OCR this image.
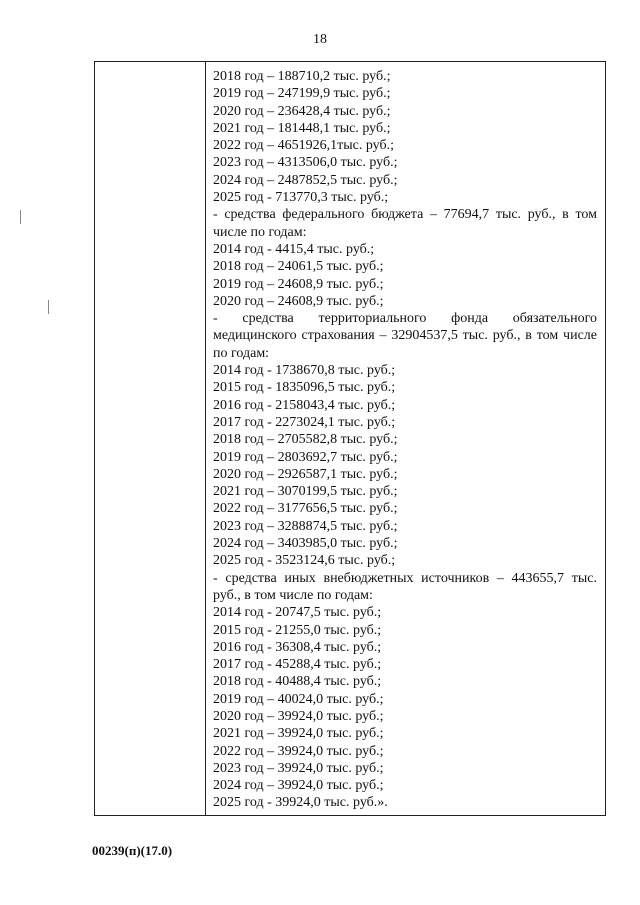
18
2018 год – 188710,2 тыс. руб.;
2019 год – 247199,9 тыс. руб.;
2020 год – 236428,4 тыс. руб.;
2021 год – 181448,1 тыс. руб.;
2022 год – 4651926,1тыс. руб.;
2023 год – 4313506,0 тыс. руб.;
2024 год – 2487852,5 тыс. руб.;
2025 год - 713770,3 тыс. руб.;
- средства федерального бюджета – 77694,7 тыс. руб., в том числе по годам:
2014 год - 4415,4 тыс. руб.;
2018 год – 24061,5 тыс. руб.;
2019 год – 24608,9 тыс. руб.;
2020 год – 24608,9 тыс. руб.;
- средства территориального фонда обязательного медицинского страхования – 32904537,5 тыс. руб., в том числе по годам:
2014 год - 1738670,8 тыс. руб.;
2015 год - 1835096,5 тыс. руб.;
2016 год - 2158043,4 тыс. руб.;
2017 год - 2273024,1 тыс. руб.;
2018 год – 2705582,8 тыс. руб.;
2019 год – 2803692,7 тыс. руб.;
2020 год – 2926587,1 тыс. руб.;
2021 год – 3070199,5 тыс. руб.;
2022 год – 3177656,5 тыс. руб.;
2023 год – 3288874,5 тыс. руб.;
2024 год – 3403985,0 тыс. руб.;
2025 год - 3523124,6 тыс. руб.;
- средства иных внебюджетных источников – 443655,7 тыс. руб., в том числе по годам:
2014 год - 20747,5 тыс. руб.;
2015 год - 21255,0 тыс. руб.;
2016 год - 36308,4 тыс. руб.;
2017 год - 45288,4 тыс. руб.;
2018 год - 40488,4 тыс. руб.;
2019 год – 40024,0 тыс. руб.;
2020 год – 39924,0 тыс. руб.;
2021 год – 39924,0 тыс. руб.;
2022 год – 39924,0 тыс. руб.;
2023 год – 39924,0 тыс. руб.;
2024 год – 39924,0 тыс. руб.;
2025 год - 39924,0 тыс. руб.».
00239(п)(17.0)
